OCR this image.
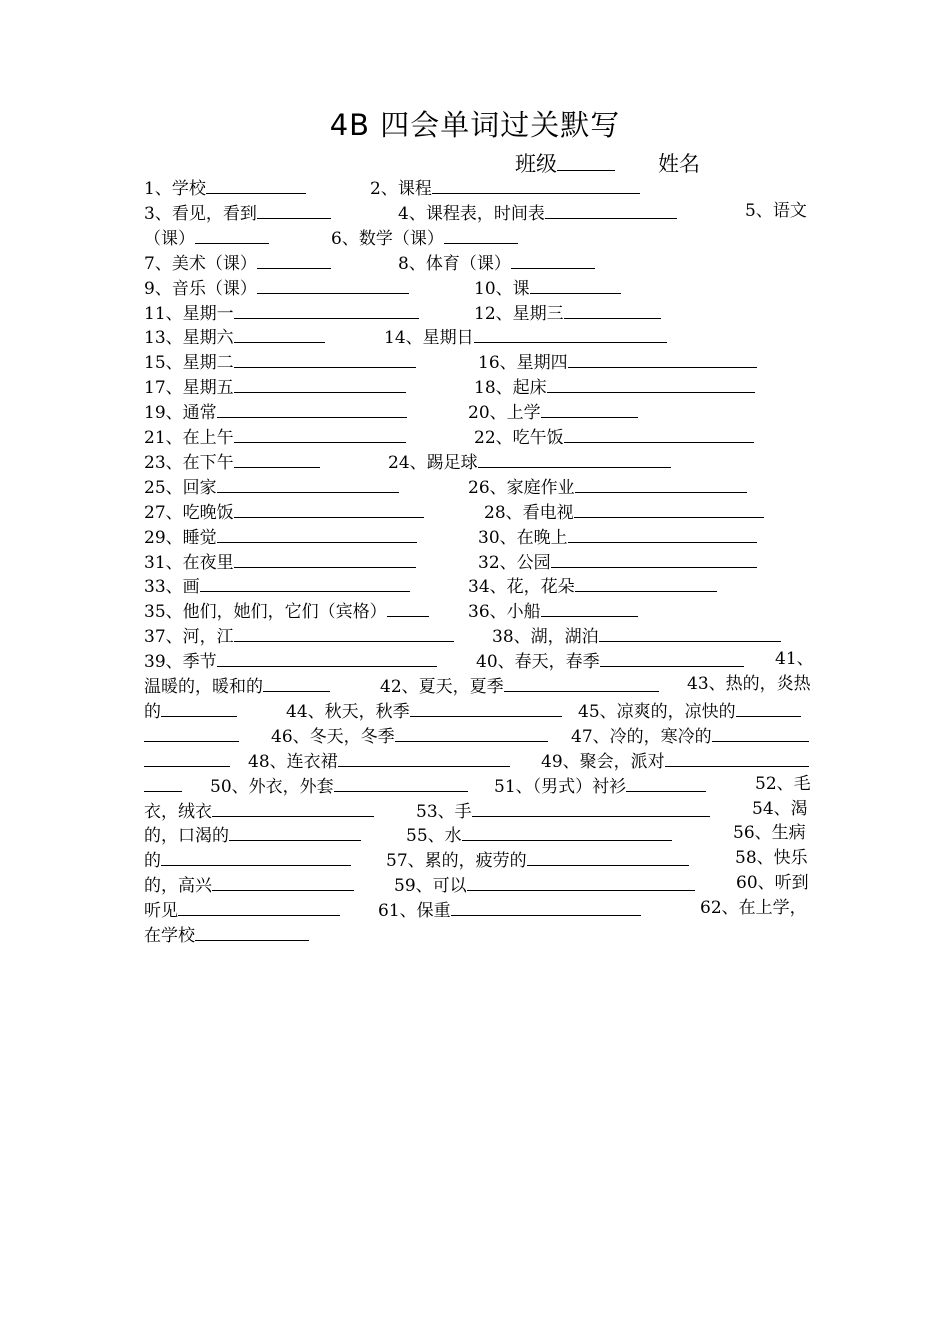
4B 四会单词过关默写
班级	姓名
1、学校	2、课程
3、看见，看到	4、课程表，时间表	5、语文
（课）	6、数学（课）
7、美术（课）	8、体育（课）
9、音乐（课）	10、课
11、星期一	12、星期三
13、星期六	14、星期日
15、星期二	16、星期四
17、星期五	18、起床
19、通常	20、上学
21、在上午	22、吃午饭
23、在下午	24、踢足球
25、回家	26、家庭作业
27、吃晚饭	28、看电视
29、睡觉	30、在晚上
31、在夜里	32、公园
33、画	34、花，花朵
35、他们，她们，它们（宾格）	36、小船
37、河，江	38、湖，湖泊
39、季节	40、春天，春季	41、
温暖的，暖和的	42、夏天，夏季	43、热的，炎热
的	44、秋天，秋季	45、凉爽的，凉快的
46、冬天，冬季	47、冷的，寒冷的
48、连衣裙	49、聚会，派对
50、外衣，外套	51、（男式）衬衫	52、毛
衣，绒衣	53、手	54、渴
的，口渴的	55、水	56、生病
的	57、累的，疲劳的	58、快乐
的，高兴	59、可以	60、听到
听见	61、保重	62、在上学，
在学校
